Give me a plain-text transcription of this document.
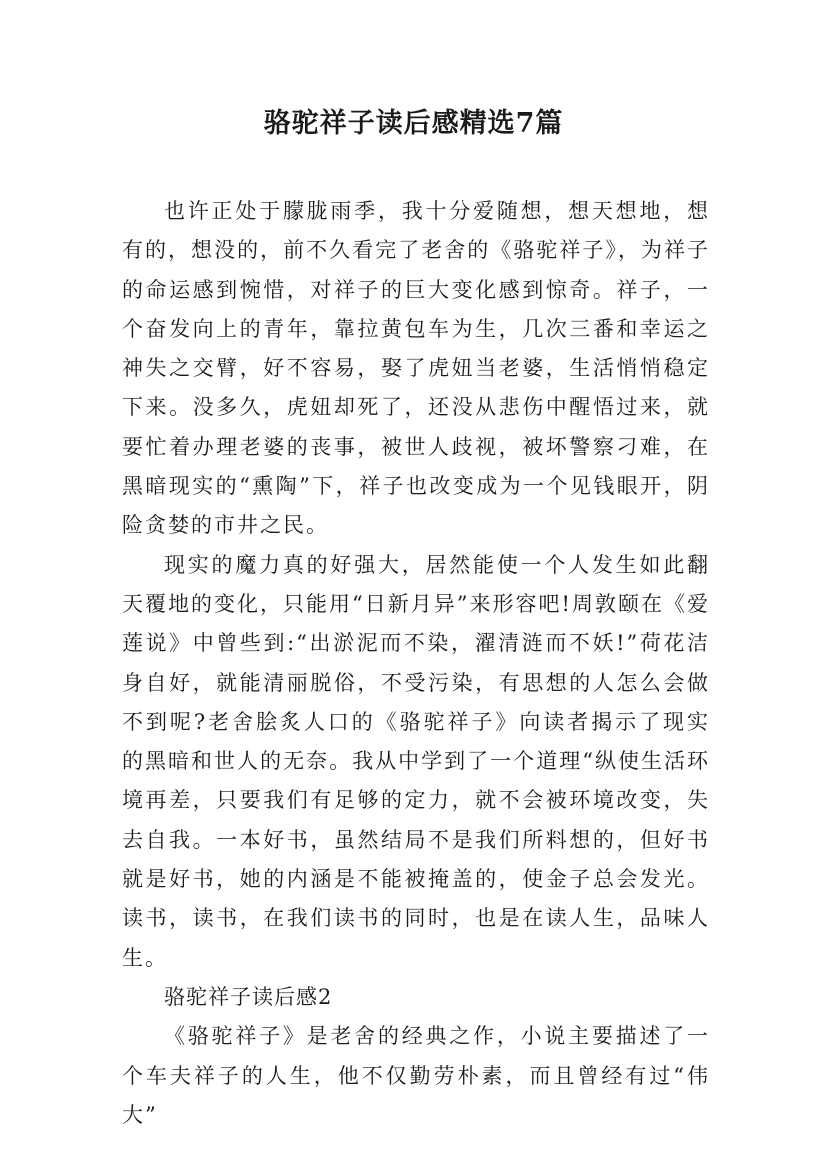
骆驼祥子读后感精选7篇

也许正处于朦胧雨季，我十分爱随想，想天想地，想有的，想没的，前不久看完了老舍的《骆驼祥子》，为祥子的命运感到惋惜，对祥子的巨大变化感到惊奇。祥子，一个奋发向上的青年，靠拉黄包车为生，几次三番和幸运之神失之交臂，好不容易，娶了虎妞当老婆，生活悄悄稳定下来。没多久，虎妞却死了，还没从悲伤中醒悟过来，就要忙着办理老婆的丧事，被世人歧视，被坏警察刁难，在黑暗现实的“熏陶”下，祥子也改变成为一个见钱眼开，阴险贪婪的市井之民。

现实的魔力真的好强大，居然能使一个人发生如此翻天覆地的变化，只能用“日新月异”来形容吧!周敦颐在《爱莲说》中曾些到:“出淤泥而不染，濯清涟而不妖!”荷花洁身自好，就能清丽脱俗，不受污染，有思想的人怎么会做不到呢?老舍脍炙人口的《骆驼祥子》向读者揭示了现实的黑暗和世人的无奈。我从中学到了一个道理“纵使生活环境再差，只要我们有足够的定力，就不会被环境改变，失去自我。一本好书，虽然结局不是我们所料想的，但好书就是好书，她的内涵是不能被掩盖的，使金子总会发光。读书，读书，在我们读书的同时，也是在读人生，品味人生。

骆驼祥子读后感2

《骆驼祥子》是老舍的经典之作，小说主要描述了一个车夫祥子的人生，他不仅勤劳朴素，而且曾经有过“伟大”
